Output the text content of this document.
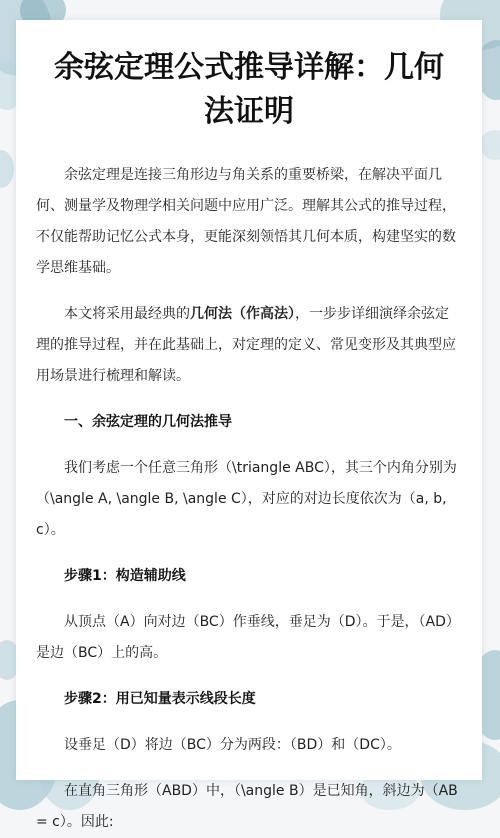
余弦定理公式推导详解：几何法证明

余弦定理是连接三角形边与角关系的重要桥梁，在解决平面几何、测量学及物理学相关问题中应用广泛。理解其公式的推导过程，不仅能帮助记忆公式本身，更能深刻领悟其几何本质，构建坚实的数学思维基础。

本文将采用最经典的几何法（作高法），一步步详细演绎余弦定理的推导过程，并在此基础上，对定理的定义、常见变形及其典型应用场景进行梳理和解读。

一、余弦定理的几何法推导

我们考虑一个任意三角形（\triangle ABC），其三个内角分别为（\angle A, \angle B, \angle C），对应的对边长度依次为（a, b, c）。

步骤1：构造辅助线

从顶点（A）向对边（BC）作垂线，垂足为（D）。于是，（AD）是边（BC）上的高。

步骤2：用已知量表示线段长度

设垂足（D）将边（BC）分为两段：（BD）和（DC）。

在直角三角形（ABD）中，（\angle B）是已知角，斜边为（AB = c）。因此:
